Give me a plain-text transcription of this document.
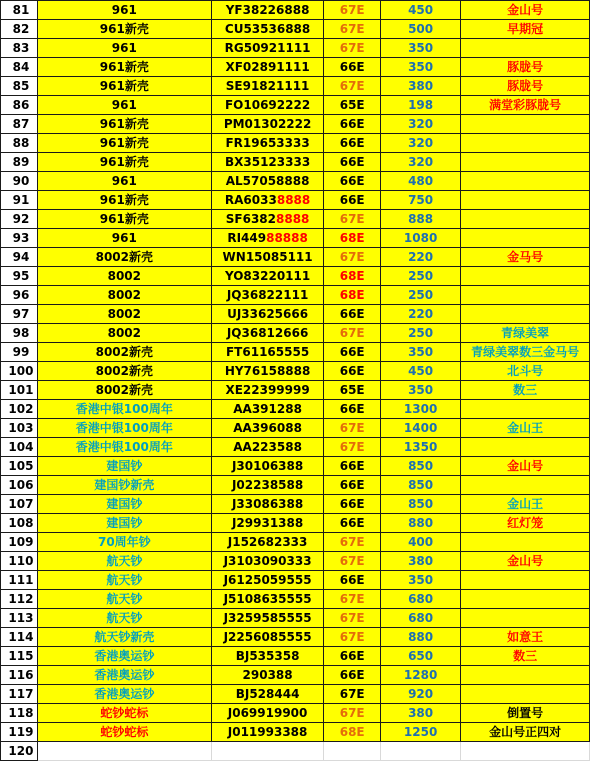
81	961	YF38226888	67E	450	金山号
82	961新壳	CU53536888	67E	500	早期冠
83	961	RG50921111	67E	350	
84	961新壳	XF02891111	66E	350	豚胧号
85	961新壳	SE91821111	67E	380	豚胧号
86	961	FO10692222	65E	198	满堂彩豚胧号
87	961新壳	PM01302222	66E	320	
88	961新壳	FR19653333	66E	320	
89	961新壳	BX35123333	66E	320	
90	961	AL57058888	66E	480	
91	961新壳	RA60338888	66E	750	
92	961新壳	SF63828888	67E	888	
93	961	RI44988888	68E	1080	
94	8002新壳	WN15085111	67E	220	金马号
95	8002	YO83220111	68E	250	
96	8002	JQ36822111	68E	250	
97	8002	UJ33625666	66E	220	
98	8002	JQ36812666	67E	250	青绿美翠
99	8002新壳	FT61165555	66E	350	青绿美翠数三金马号
100	8002新壳	HY76158888	66E	450	北斗号
101	8002新壳	XE22399999	65E	350	数三
102	香港中银100周年	AA391288	66E	1300	
103	香港中银100周年	AA396088	67E	1400	金山王
104	香港中银100周年	AA223588	67E	1350	
105	建国钞	J30106388	66E	850	金山号
106	建国钞新壳	J02238588	66E	850	
107	建国钞	J33086388	66E	850	金山王
108	建国钞	J29931388	66E	880	红灯笼
109	70周年钞	J152682333	67E	400	
110	航天钞	J3103090333	67E	380	金山号
111	航天钞	J6125059555	66E	350	
112	航天钞	J5108635555	67E	680	
113	航天钞	J3259585555	67E	680	
114	航天钞新壳	J2256085555	67E	880	如意王
115	香港奥运钞	BJ535358	66E	650	数三
116	香港奥运钞	290388	66E	1280	
117	香港奥运钞	BJ528444	67E	920	
118	蛇钞蛇标	J069919900	67E	380	倒置号
119	蛇钞蛇标	J011993388	68E	1250	金山号正四对
120					
